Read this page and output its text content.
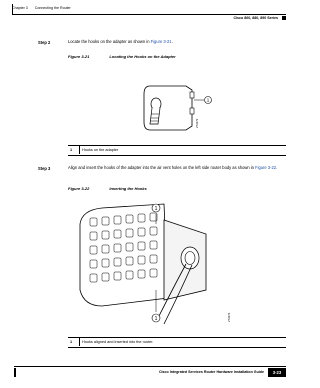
Chapter 3 Connecting the Router
Cisco 860, 880, 890 Series
Step 2	Locate the hooks on the adapter as shown in Figure 3-21.
Figure 3-21	Locating the Hooks on the Adapter
1
273373
1	Hooks on the adapter
Step 3	Align and insert the hooks of the adapter into the air vent holes on the left side router body as shown in Figure 3-22.
Figure 3-22	Inserting the Hooks
1
1	273374
1	Hooks aligned and inserted into the router.
Cisco Integrated Services Router Hardware Installation Guide	3-23
